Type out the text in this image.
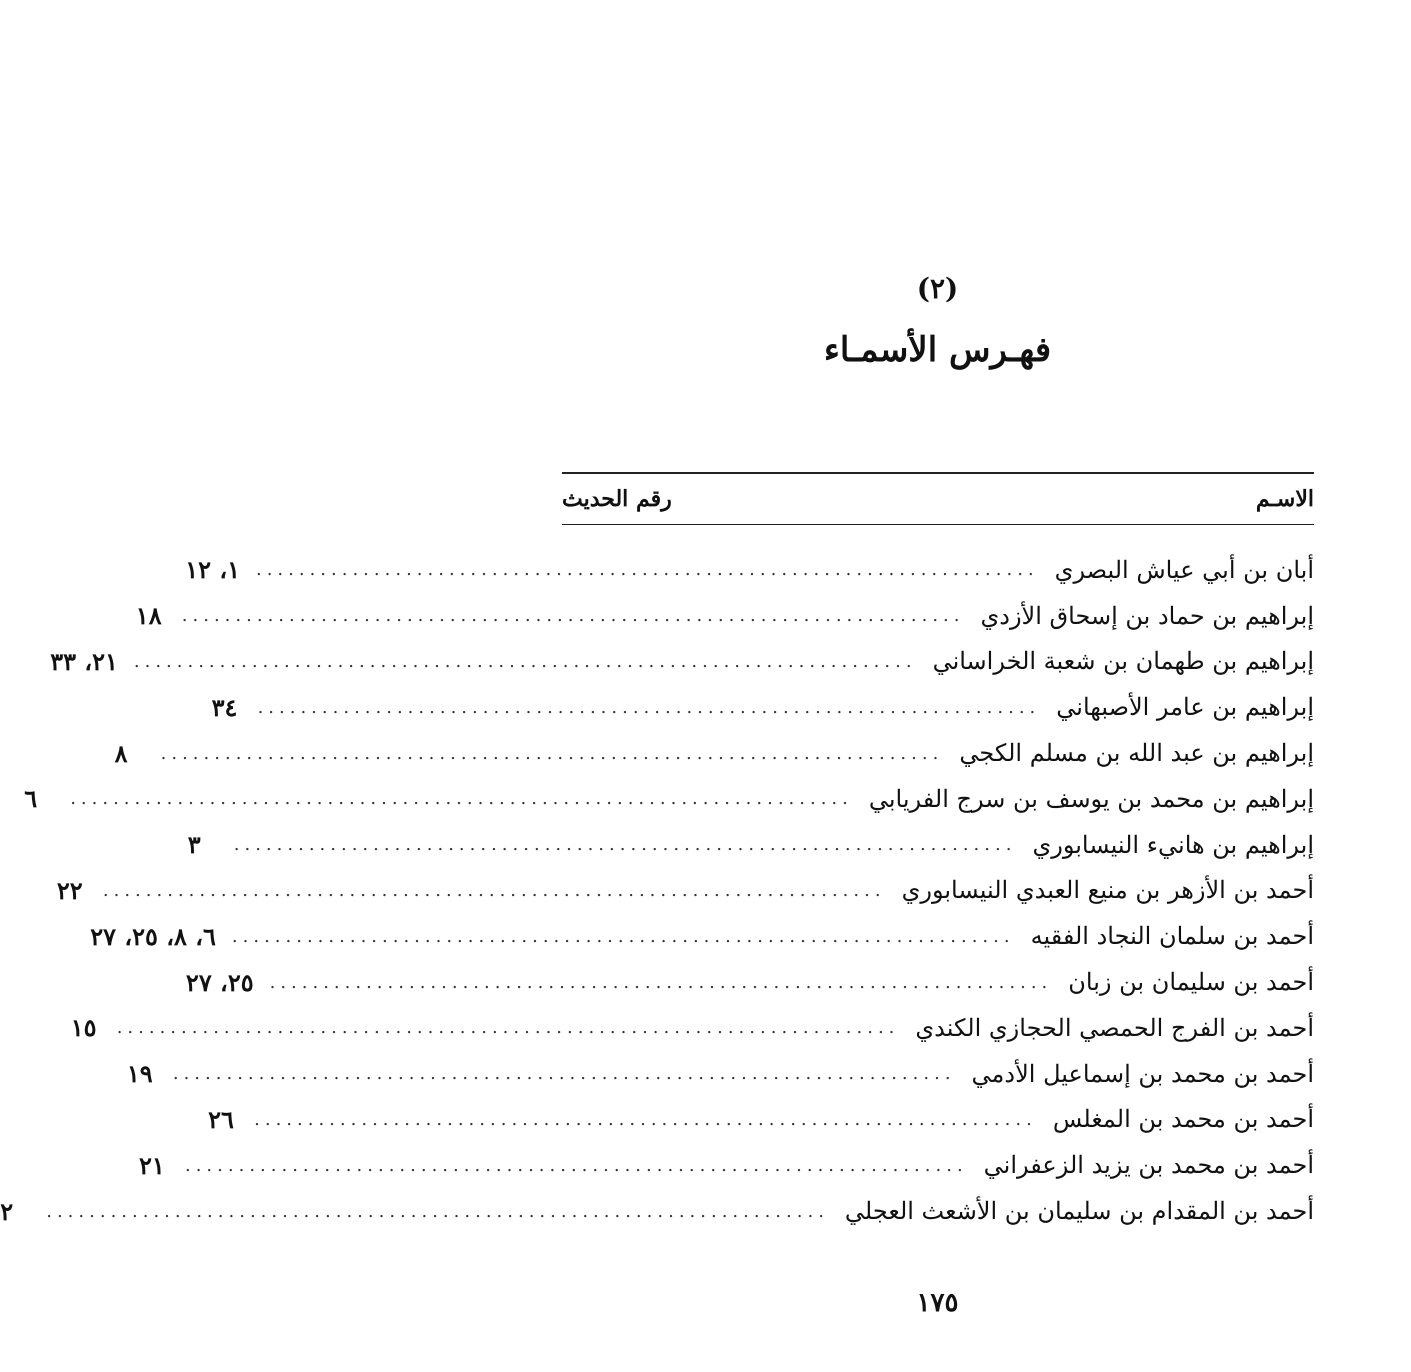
(٢)
فهـرس الأسمـاء
الاسـم
رقم الحديث
أبان بن أبي عياش البصري
.........................................................................
١، ١٢
إبراهيم بن حماد بن إسحاق الأزدي
.........................................................................
١٨
إبراهيم بن طهمان بن شعبة الخراساني
.........................................................................
٢١، ٣٣
إبراهيم بن عامر الأصبهاني
.........................................................................
٣٤
إبراهيم بن عبد الله بن مسلم الكجي
.........................................................................
٨
إبراهيم بن محمد بن يوسف بن سرج الفريابي
.........................................................................
٦
إبراهيم بن هانيء النيسابوري
.........................................................................
٣
أحمد بن الأزهر بن منيع العبدي النيسابوري
.........................................................................
٢٢
أحمد بن سلمان النجاد الفقيه
.........................................................................
٦، ٨، ٢٥، ٢٧
أحمد بن سليمان بن زبان
.........................................................................
٢٥، ٢٧
أحمد بن الفرج الحمصي الحجازي الكندي
.........................................................................
١٥
أحمد بن محمد بن إسماعيل الأدمي
.........................................................................
١٩
أحمد بن محمد بن المغلس
.........................................................................
٢٦
أحمد بن محمد بن يزيد الزعفراني
.........................................................................
٢١
أحمد بن المقدام بن سليمان بن الأشعث العجلي
.........................................................................
٢
١٧٥
